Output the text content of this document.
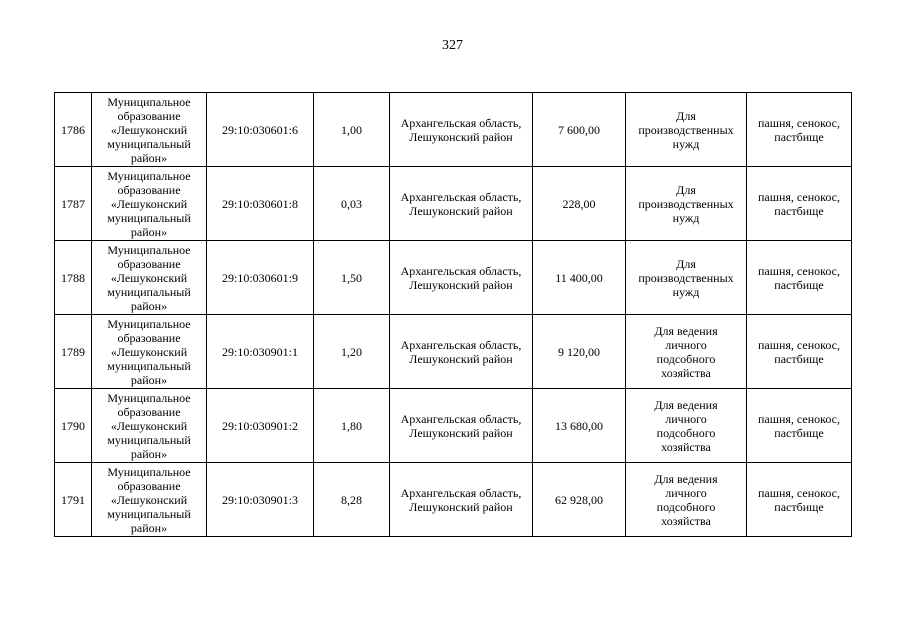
327
1786	Муниципальное
образование
«Лешуконский
муниципальный
район»	29:10:030601:6	1,00	Архангельская область,
Лешуконский район	7 600,00	Для
производственных
нужд	пашня, сенокос,
пастбище

1787	Муниципальное
образование
«Лешуконский
муниципальный
район»	29:10:030601:8	0,03	Архангельская область,
Лешуконский район	228,00	Для
производственных
нужд	пашня, сенокос,
пастбище

1788	Муниципальное
образование
«Лешуконский
муниципальный
район»	29:10:030601:9	1,50	Архангельская область,
Лешуконский район	11 400,00	Для
производственных
нужд	пашня, сенокос,
пастбище

1789	Муниципальное
образование
«Лешуконский
муниципальный
район»	29:10:030901:1	1,20	Архангельская область,
Лешуконский район	9 120,00	Для ведения
личного
подсобного
хозяйства	пашня, сенокос,
пастбище

1790	Муниципальное
образование
«Лешуконский
муниципальный
район»	29:10:030901:2	1,80	Архангельская область,
Лешуконский район	13 680,00	Для ведения
личного
подсобного
хозяйства	пашня, сенокос,
пастбище

1791	Муниципальное
образование
«Лешуконский
муниципальный
район»	29:10:030901:3	8,28	Архангельская область,
Лешуконский район	62 928,00	Для ведения
личного
подсобного
хозяйства	пашня, сенокос,
пастбище
